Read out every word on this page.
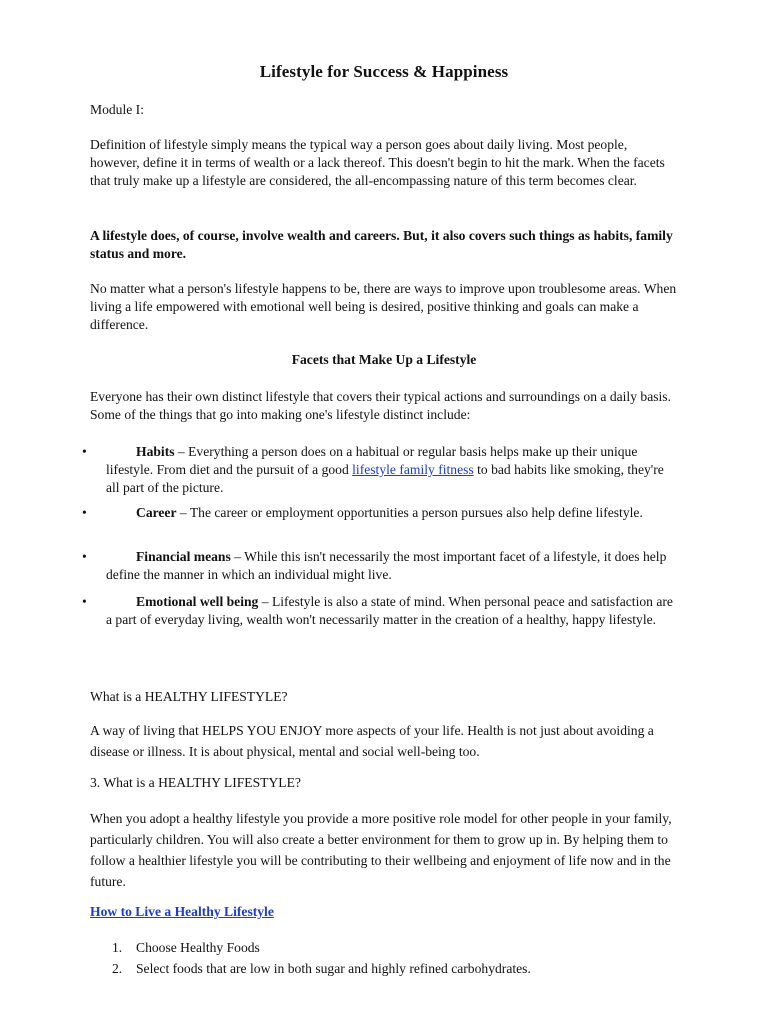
Lifestyle for Success & Happiness
Module I:
Definition of lifestyle simply means the typical way a person goes about daily living. Most people, however, define it in terms of wealth or a lack thereof. This doesn't begin to hit the mark. When the facets that truly make up a lifestyle are considered, the all-encompassing nature of this term becomes clear.
A lifestyle does, of course, involve wealth and careers. But, it also covers such things as habits, family status and more.
No matter what a person's lifestyle happens to be, there are ways to improve upon troublesome areas. When living a life empowered with emotional well being is desired, positive thinking and goals can make a difference.
Facets that Make Up a Lifestyle
Everyone has their own distinct lifestyle that covers their typical actions and surroundings on a daily basis. Some of the things that go into making one's lifestyle distinct include:
•	Habits – Everything a person does on a habitual or regular basis helps make up their unique lifestyle. From diet and the pursuit of a good lifestyle family fitness to bad habits like smoking, they're all part of the picture.
•	Career – The career or employment opportunities a person pursues also help define lifestyle.
•	Financial means – While this isn't necessarily the most important facet of a lifestyle, it does help define the manner in which an individual might live.
•	Emotional well being – Lifestyle is also a state of mind. When personal peace and satisfaction are a part of everyday living, wealth won't necessarily matter in the creation of a healthy, happy lifestyle.
What is a HEALTHY LIFESTYLE?
A way of living that HELPS YOU ENJOY more aspects of your life. Health is not just about avoiding a disease or illness. It is about physical, mental and social well-being too.
3. What is a HEALTHY LIFESTYLE?
When you adopt a healthy lifestyle you provide a more positive role model for other people in your family, particularly children. You will also create a better environment for them to grow up in. By helping them to follow a healthier lifestyle you will be contributing to their wellbeing and enjoyment of life now and in the future.
How to Live a Healthy Lifestyle
1. Choose Healthy Foods
2. Select foods that are low in both sugar and highly refined carbohydrates.
